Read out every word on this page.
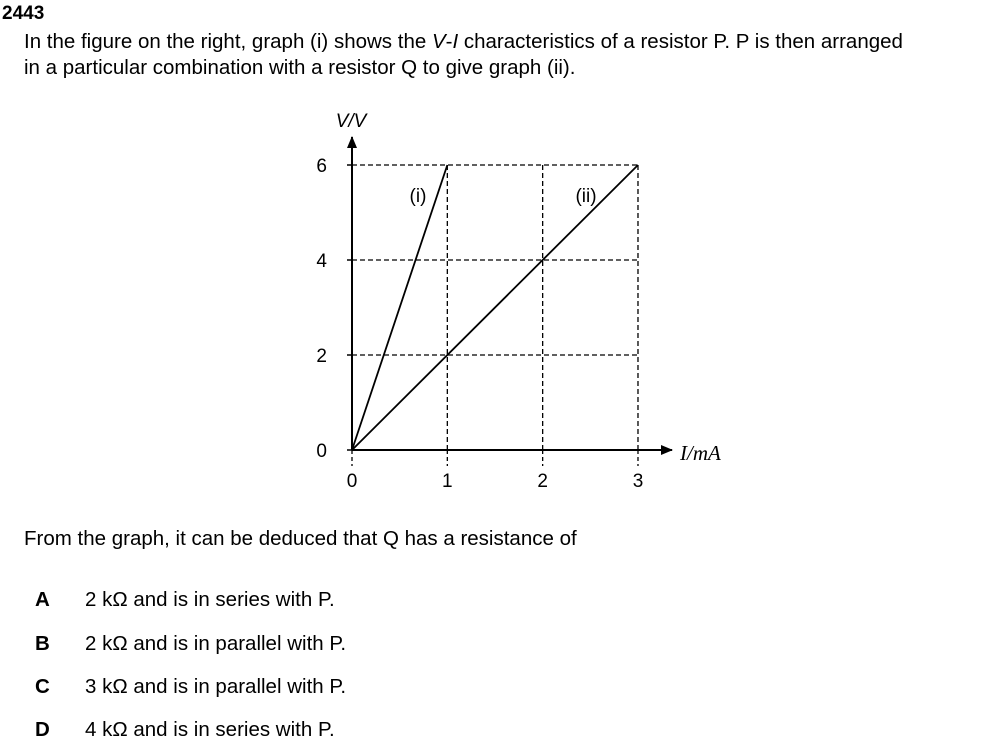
2443
In the figure on the right, graph (i) shows the V-I characteristics of a resistor P. P is then arranged
in a particular combination with a resistor Q to give graph (ii).
0
2
4
6
0	1	2	3
(i)	(ii)
V/V
I/mA
From the graph, it can be deduced that Q has a resistance of
A 2 kΩ and is in series with P.
B 2 kΩ and is in parallel with P.
C 3 kΩ and is in parallel with P.
D 4 kΩ and is in series with P.
